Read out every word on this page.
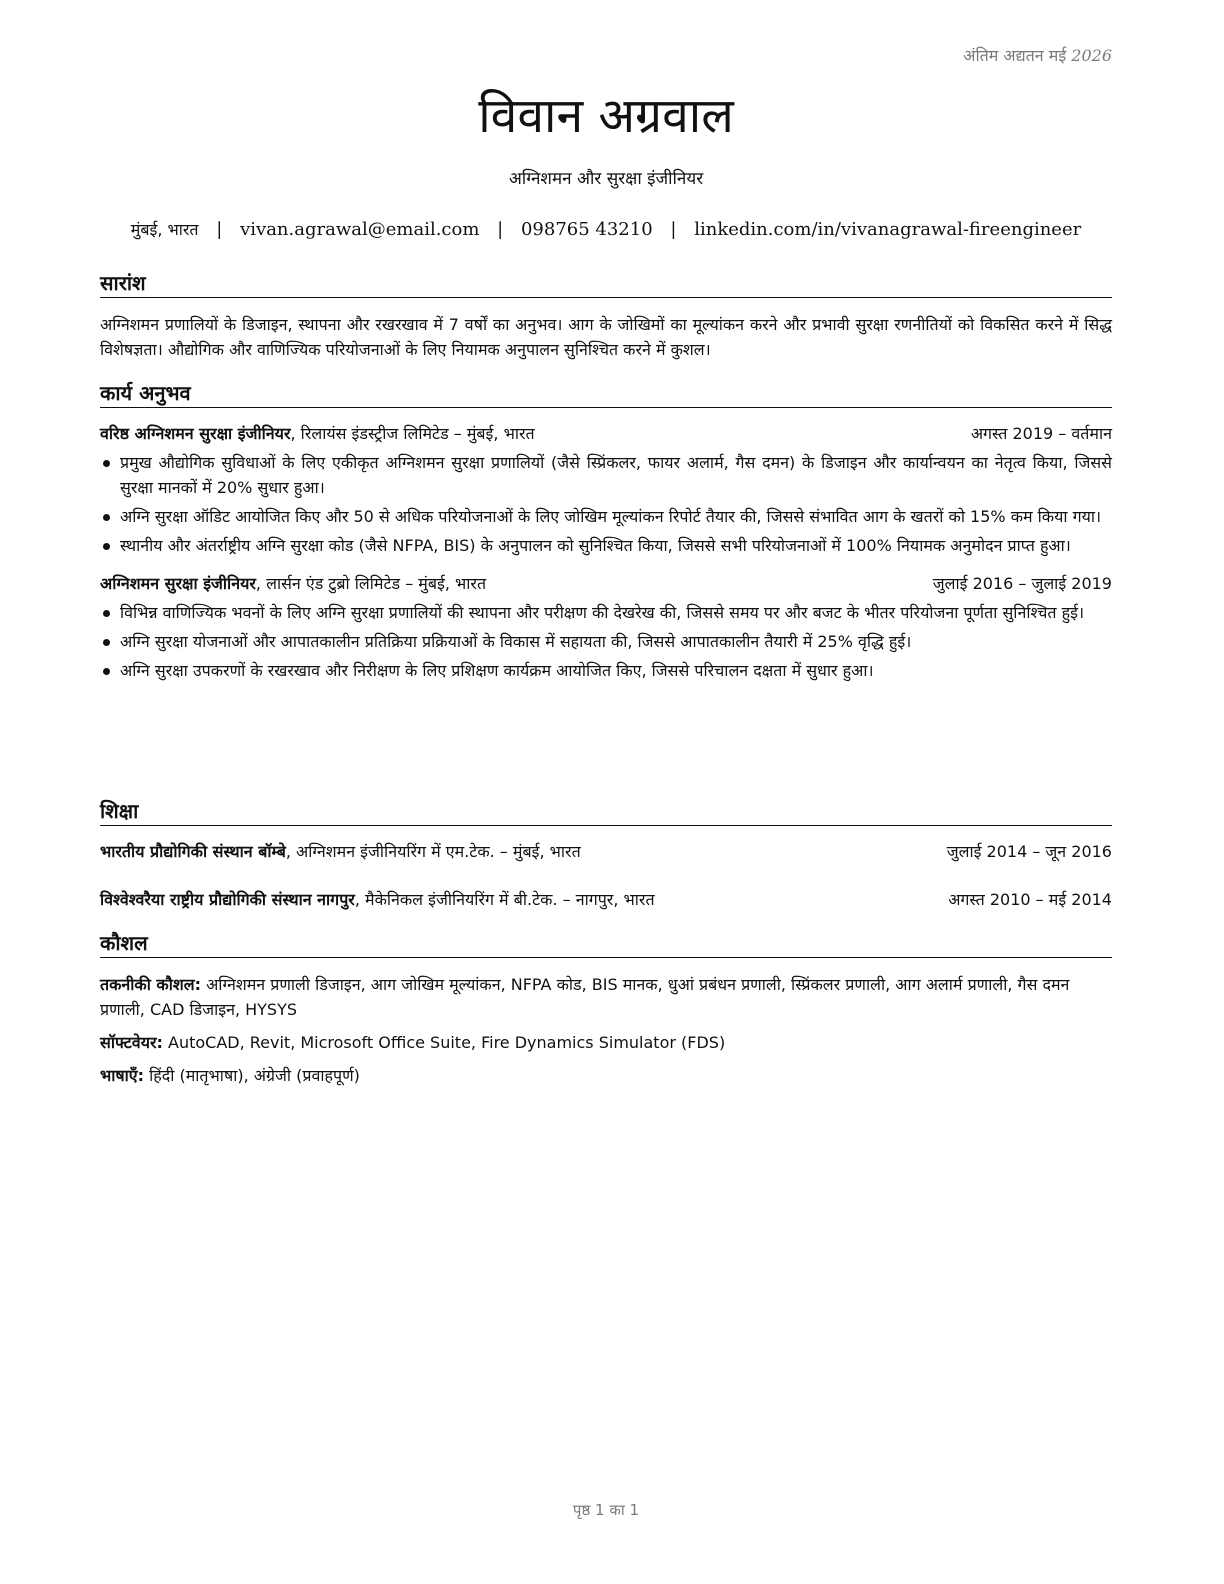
अंतिम अद्यतन मई 2026
विवान अग्रवाल
अग्निशमन और सुरक्षा इंजीनियर
मुंबई, भारत | vivan.agrawal@email.com | 098765 43210 | linkedin.com/in/vivanagrawal-fireengineer
सारांश
अग्निशमन प्रणालियों के डिजाइन, स्थापना और रखरखाव में 7 वर्षों का अनुभव। आग के जोखिमों का मूल्यांकन करने और प्रभावी सुरक्षा रणनीतियों को विकसित करने में सिद्ध विशेषज्ञता। औद्योगिक और वाणिज्यिक परियोजनाओं के लिए नियामक अनुपालन सुनिश्चित करने में कुशल।
कार्य अनुभव
वरिष्ठ अग्निशमन सुरक्षा इंजीनियर, रिलायंस इंडस्ट्रीज लिमिटेड – मुंबई, भारत	अगस्त 2019 – वर्तमान
प्रमुख औद्योगिक सुविधाओं के लिए एकीकृत अग्निशमन सुरक्षा प्रणालियों (जैसे स्प्रिंकलर, फायर अलार्म, गैस दमन) के डिजाइन और कार्यान्वयन का नेतृत्व किया, जिससे सुरक्षा मानकों में 20% सुधार हुआ।
अग्नि सुरक्षा ऑडिट आयोजित किए और 50 से अधिक परियोजनाओं के लिए जोखिम मूल्यांकन रिपोर्ट तैयार की, जिससे संभावित आग के खतरों को 15% कम किया गया।
स्थानीय और अंतर्राष्ट्रीय अग्नि सुरक्षा कोड (जैसे NFPA, BIS) के अनुपालन को सुनिश्चित किया, जिससे सभी परियोजनाओं में 100% नियामक अनुमोदन प्राप्त हुआ।
अग्निशमन सुरक्षा इंजीनियर, लार्सन एंड टुब्रो लिमिटेड – मुंबई, भारत	जुलाई 2016 – जुलाई 2019
विभिन्न वाणिज्यिक भवनों के लिए अग्नि सुरक्षा प्रणालियों की स्थापना और परीक्षण की देखरेख की, जिससे समय पर और बजट के भीतर परियोजना पूर्णता सुनिश्चित हुई।
अग्नि सुरक्षा योजनाओं और आपातकालीन प्रतिक्रिया प्रक्रियाओं के विकास में सहायता की, जिससे आपातकालीन तैयारी में 25% वृद्धि हुई।
अग्नि सुरक्षा उपकरणों के रखरखाव और निरीक्षण के लिए प्रशिक्षण कार्यक्रम आयोजित किए, जिससे परिचालन दक्षता में सुधार हुआ।
शिक्षा
भारतीय प्रौद्योगिकी संस्थान बॉम्बे, अग्निशमन इंजीनियरिंग में एम.टेक. – मुंबई, भारत	जुलाई 2014 – जून 2016
विश्वेश्वरैया राष्ट्रीय प्रौद्योगिकी संस्थान नागपुर, मैकेनिकल इंजीनियरिंग में बी.टेक. – नागपुर, भारत	अगस्त 2010 – मई 2014
कौशल
तकनीकी कौशल: अग्निशमन प्रणाली डिजाइन, आग जोखिम मूल्यांकन, NFPA कोड, BIS मानक, धुआं प्रबंधन प्रणाली, स्प्रिंकलर प्रणाली, आग अलार्म प्रणाली, गैस दमन प्रणाली, CAD डिजाइन, HYSYS
सॉफ्टवेयर: AutoCAD, Revit, Microsoft Office Suite, Fire Dynamics Simulator (FDS)
भाषाएँ: हिंदी (मातृभाषा), अंग्रेजी (प्रवाहपूर्ण)
पृष्ठ 1 का 1
